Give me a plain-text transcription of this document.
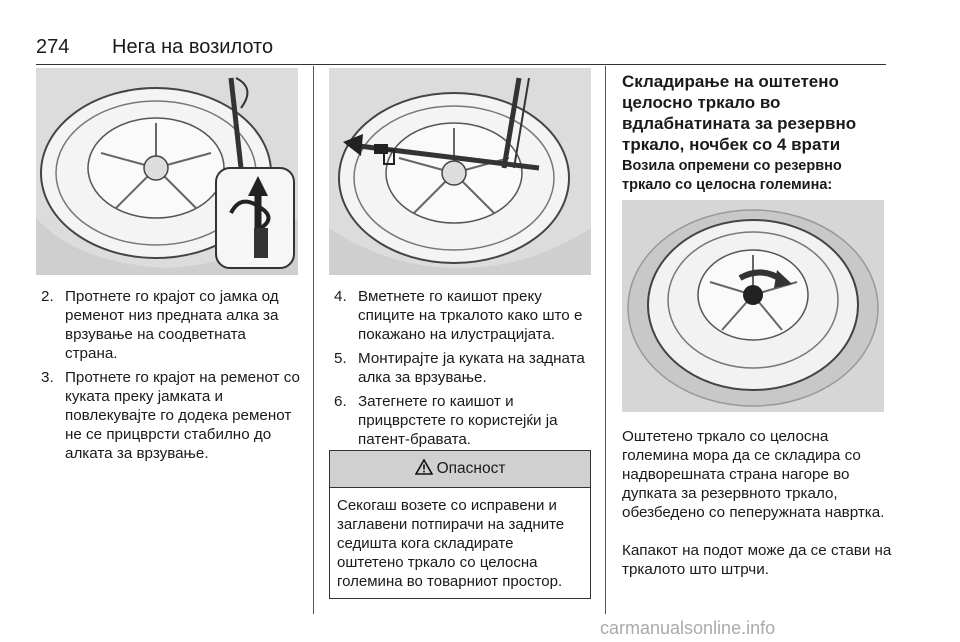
274 Нега на возилото
2. Протнете го крајот со јамка од ременот низ предната алка за врзување на соодветната страна.
3. Протнете го крајот на ременот со куката преку јамката и повлекувајте го додека ременот не се прицврсти стабилно до алката за врзување.
4. Вметнете го каишот преку спиците на тркалото како што е покажано на илустрацијата.
5. Монтирајте ја куката на задната алка за врзување.
6. Затегнете го каишот и прицврстете го користејќи ја патент-бравата.
Опасност
Секогаш возете со исправени и заглавени потпирачи на задните седишта кога складирате оштетено тркало со целосна големина во товарниот простор.
Складирање на оштетено целосно тркало во вдлабнатината за резервно тркало, ночбек со 4 врати
Возила опремени со резервно тркало со целосна големина:
Оштетено тркало со целосна големина мора да се складира со надворешната страна нагоре во дупката за резервното тркало, обезбедено со пеперужната навртка.
Капакот на подот може да се стави на тркалото што штрчи.
carmanualsonline.info
